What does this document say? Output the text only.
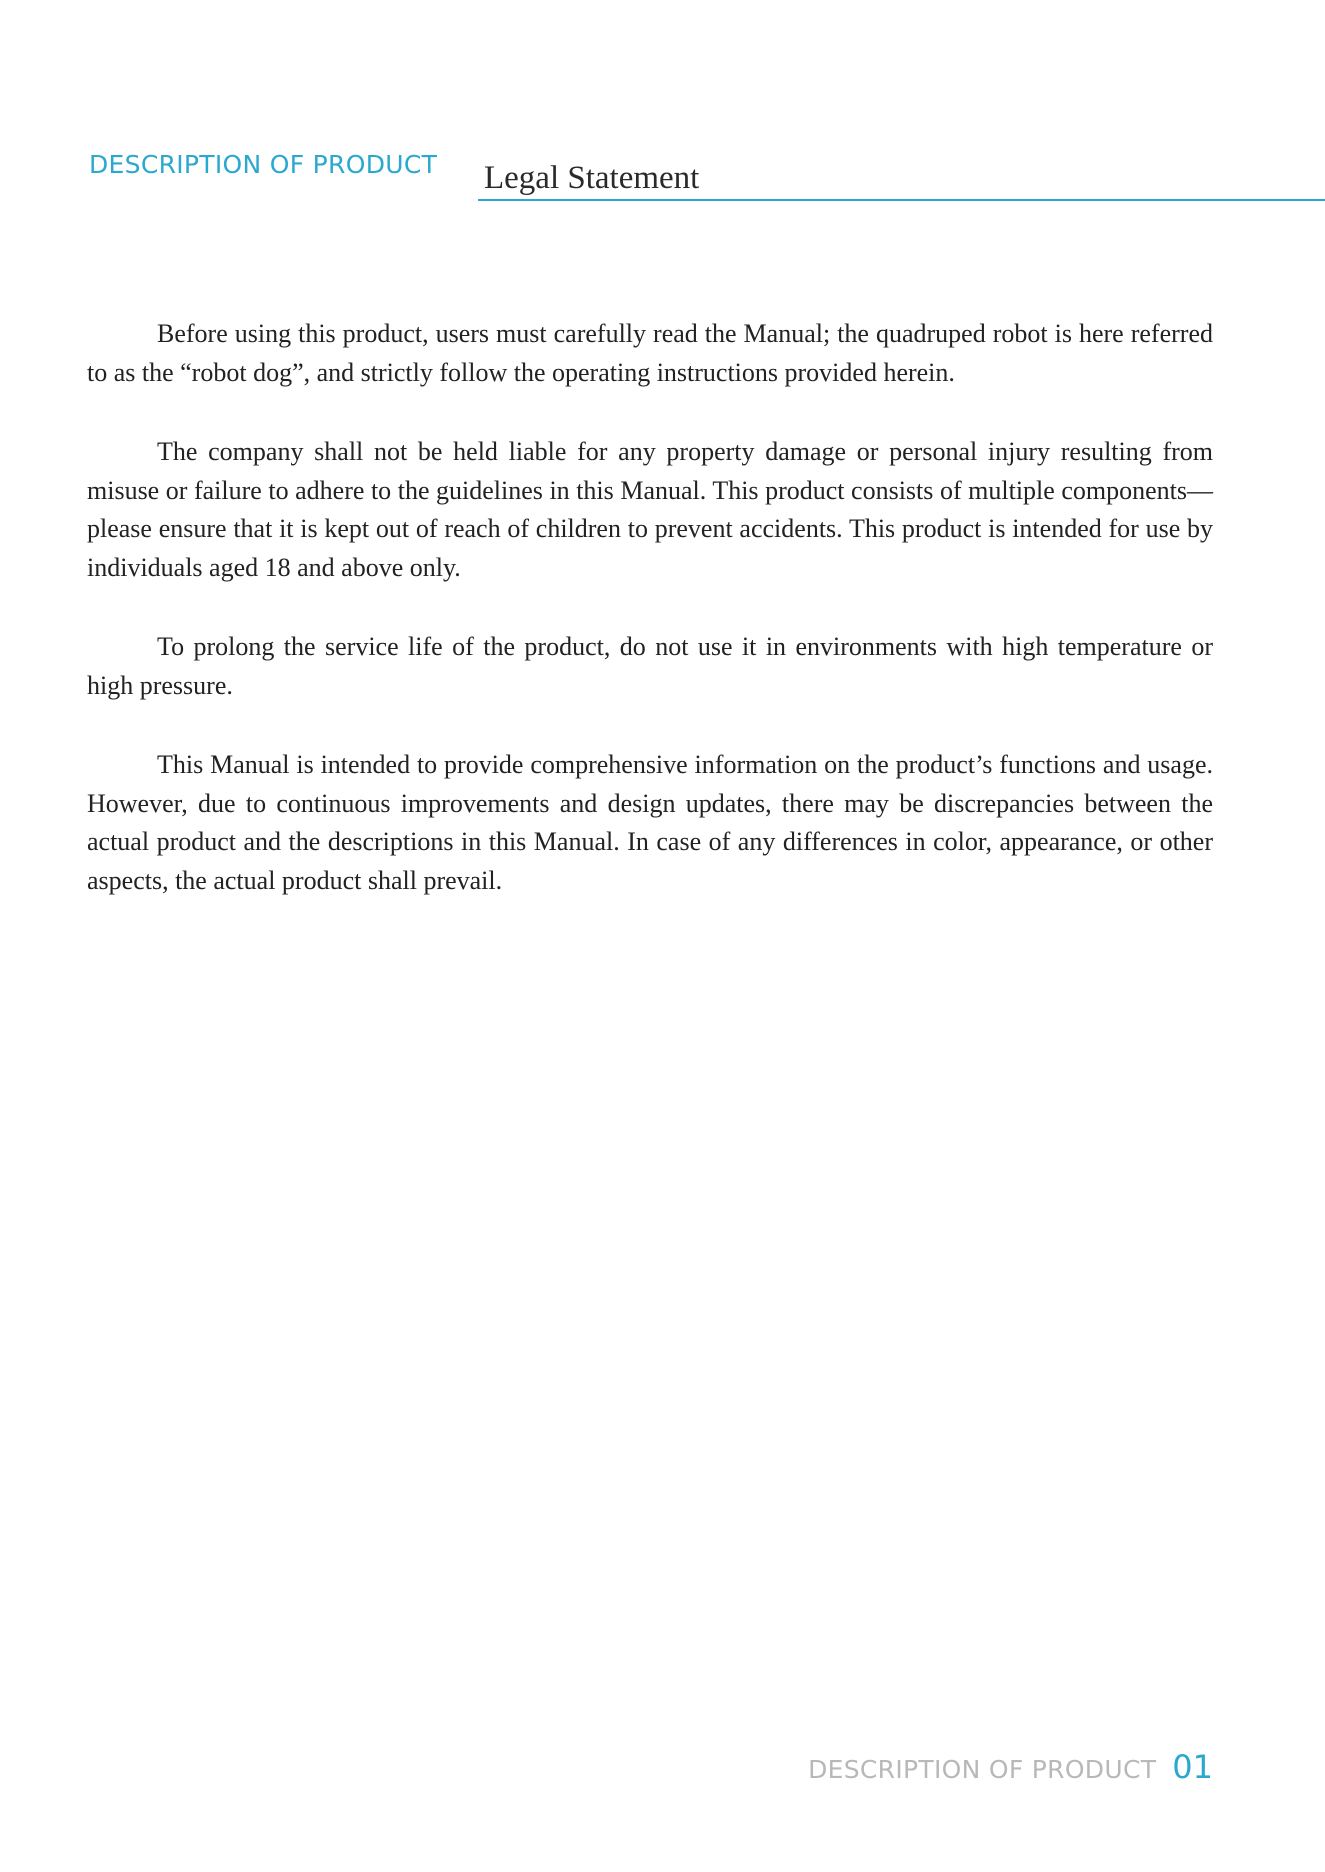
DESCRIPTION OF PRODUCT Legal Statement

Before using this product, users must carefully read the Manual; the quadruped robot is here referred to as the “robot dog”, and strictly follow the operating instructions provided herein.

The company shall not be held liable for any property damage or personal injury resulting from misuse or failure to adhere to the guidelines in this Manual. This product consists of multiple components—please ensure that it is kept out of reach of children to prevent accidents. This product is intended for use by individuals aged 18 and above only.

To prolong the service life of the product, do not use it in environments with high temperature or high pressure.

This Manual is intended to provide comprehensive information on the product’s functions and usage. However, due to continuous improvements and design updates, there may be discrepancies between the actual product and the descriptions in this Manual. In case of any differences in color, appearance, or other aspects, the actual product shall prevail.

DESCRIPTION OF PRODUCT 01
